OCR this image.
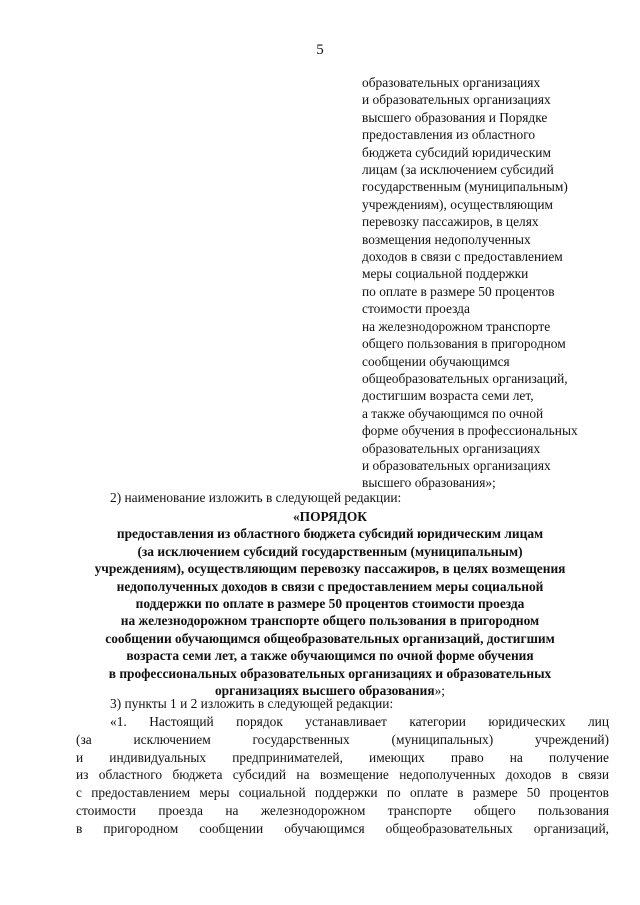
5
образовательных организациях
и образовательных организациях
высшего образования и Порядке
предоставления из областного
бюджета субсидий юридическим
лицам (за исключением субсидий
государственным (муниципальным)
учреждениям), осуществляющим
перевозку пассажиров, в целях
возмещения недополученных
доходов в связи с предоставлением
меры социальной поддержки
по оплате в размере 50 процентов
стоимости проезда
на железнодорожном транспорте
общего пользования в пригородном
сообщении обучающимся
общеобразовательных организаций,
достигшим возраста семи лет,
а также обучающимся по очной
форме обучения в профессиональных
образовательных организациях
и образовательных организациях
высшего образования»;
2) наименование изложить в следующей редакции:
«ПОРЯДОК
предоставления из областного бюджета субсидий юридическим лицам
(за исключением субсидий государственным (муниципальным)
учреждениям), осуществляющим перевозку пассажиров, в целях возмещения
недополученных доходов в связи с предоставлением меры социальной
поддержки по оплате в размере 50 процентов стоимости проезда
на железнодорожном транспорте общего пользования в пригородном
сообщении обучающимся общеобразовательных организаций, достигшим
возраста семи лет, а также обучающимся по очной форме обучения
в профессиональных образовательных организациях и образовательных
организациях высшего образования»;
3) пункты 1 и 2 изложить в следующей редакции:
«1. Настоящий порядок устанавливает категории юридических лиц
(за исключением государственных (муниципальных) учреждений)
и индивидуальных предпринимателей, имеющих право на получение
из областного бюджета субсидий на возмещение недополученных доходов в связи
с предоставлением меры социальной поддержки по оплате в размере 50 процентов
стоимости проезда на железнодорожном транспорте общего пользования
в пригородном сообщении обучающимся общеобразовательных организаций,
